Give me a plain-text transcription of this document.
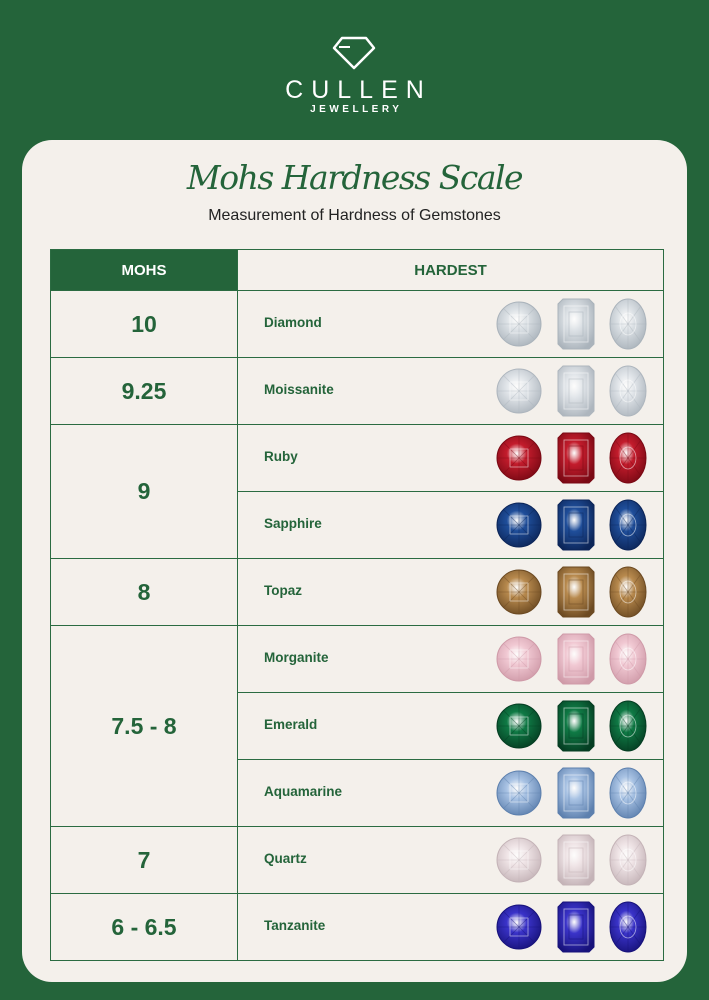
CULLEN
JEWELLERY
Mohs Hardness Scale
Measurement of Hardness of Gemstones
MOHS	HARDEST
10	Diamond

9.25	Moissanite

9	Ruby

	Sapphire

8	Topaz

7.5 - 8	Morganite

	Emerald

	Aquamarine

7	Quartz

6 - 6.5	Tanzanite
